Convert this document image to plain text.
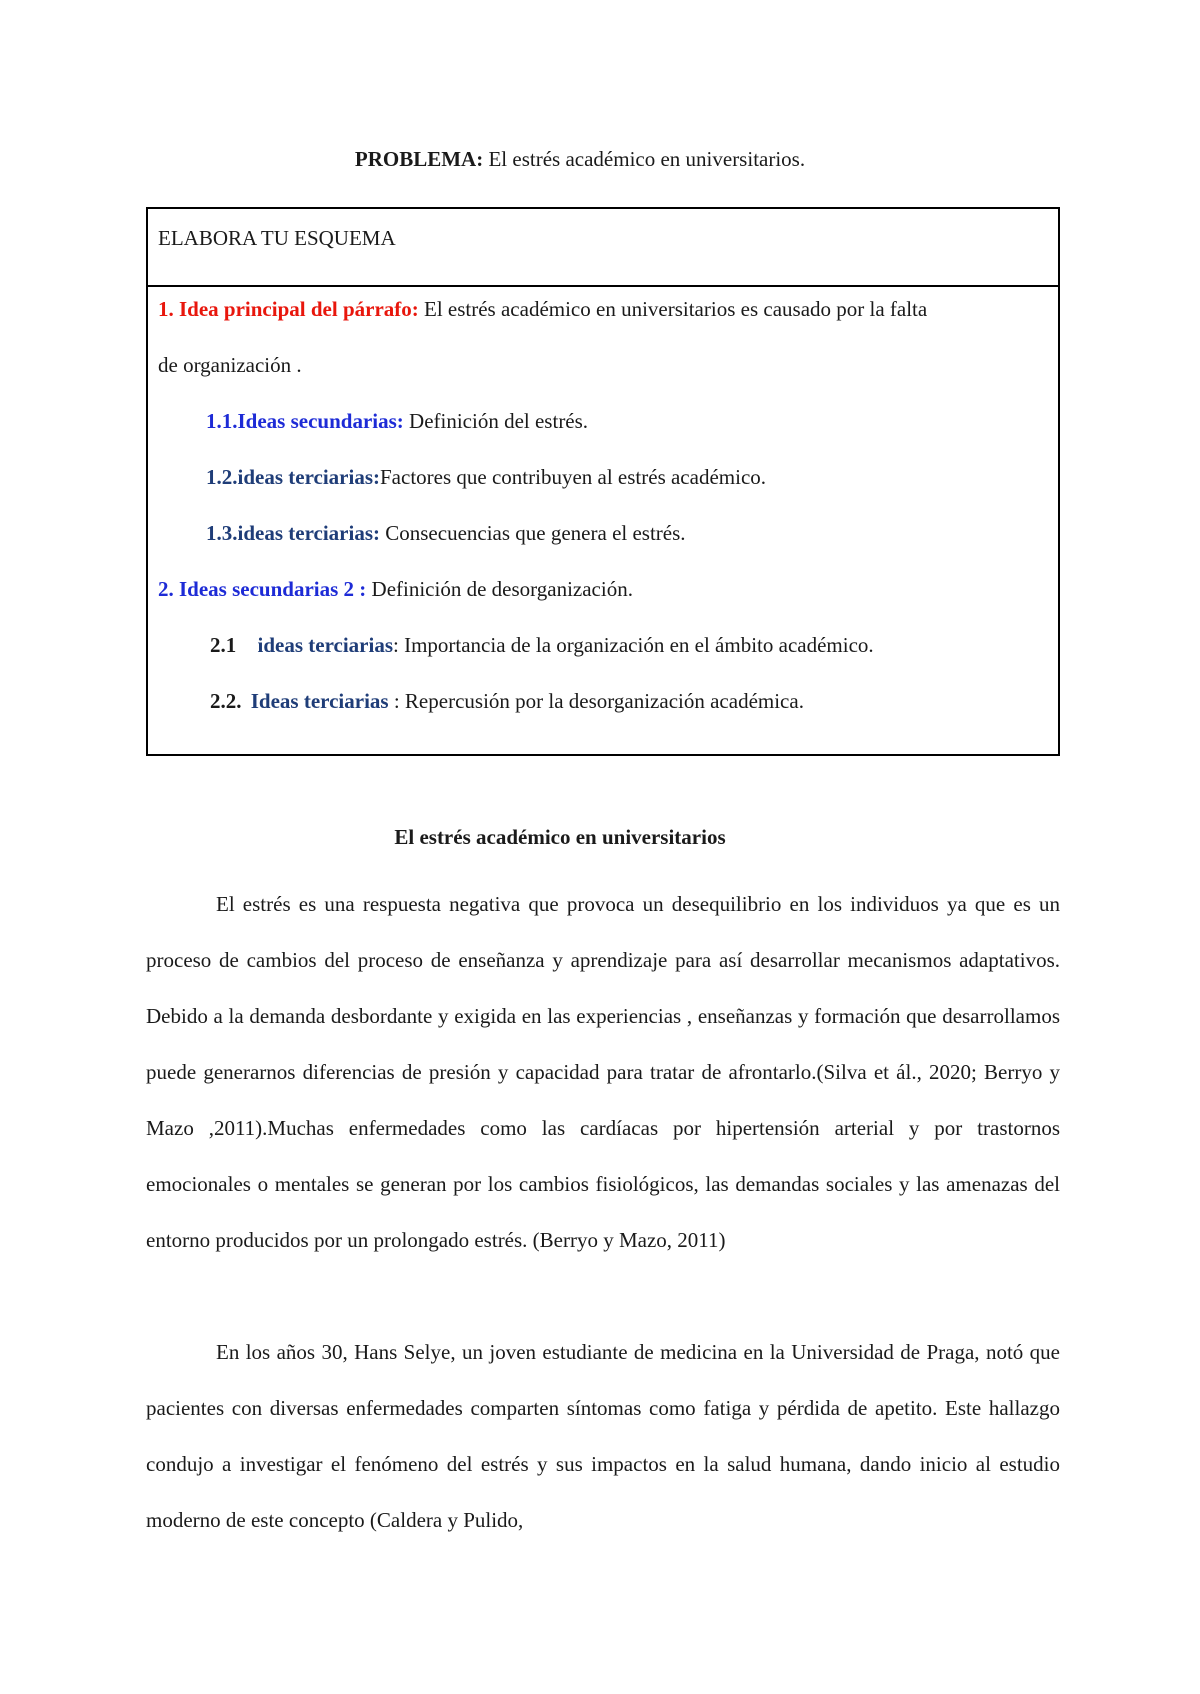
PROBLEMA: El estrés académico en universitarios.
ELABORA TU ESQUEMA
1. Idea principal del párrafo: El estrés académico en universitarios es causado por la falta
de organización .
1.1.Ideas secundarias: Definición del estrés.
1.2.ideas terciarias:Factores que contribuyen al estrés académico.
1.3.ideas terciarias: Consecuencias que genera el estrés.
2. Ideas secundarias 2 : Definición de desorganización.
2.1 ideas terciarias: Importancia de la organización en el ámbito académico.
2.2. Ideas terciarias : Repercusión por la desorganización académica.
El estrés académico en universitarios

El estrés es una respuesta negativa que provoca un desequilibrio en los individuos ya que es un proceso de cambios del proceso de enseñanza y aprendizaje para así desarrollar mecanismos adaptativos. Debido a la demanda desbordante y exigida en las experiencias , enseñanzas y formación que desarrollamos puede generarnos diferencias de presión y capacidad para tratar de afrontarlo.(Silva et ál., 2020; Berryo y Mazo ,2011).Muchas enfermedades como las cardíacas por hipertensión arterial y por trastornos emocionales o mentales se generan por los cambios fisiológicos, las demandas sociales y las amenazas del entorno producidos por un prolongado estrés. (Berryo y Mazo, 2011)

En los años 30, Hans Selye, un joven estudiante de medicina en la Universidad de Praga, notó que pacientes con diversas enfermedades comparten síntomas como fatiga y pérdida de apetito. Este hallazgo condujo a investigar el fenómeno del estrés y sus impactos en la salud humana, dando inicio al estudio moderno de este concepto (Caldera y Pulido,
